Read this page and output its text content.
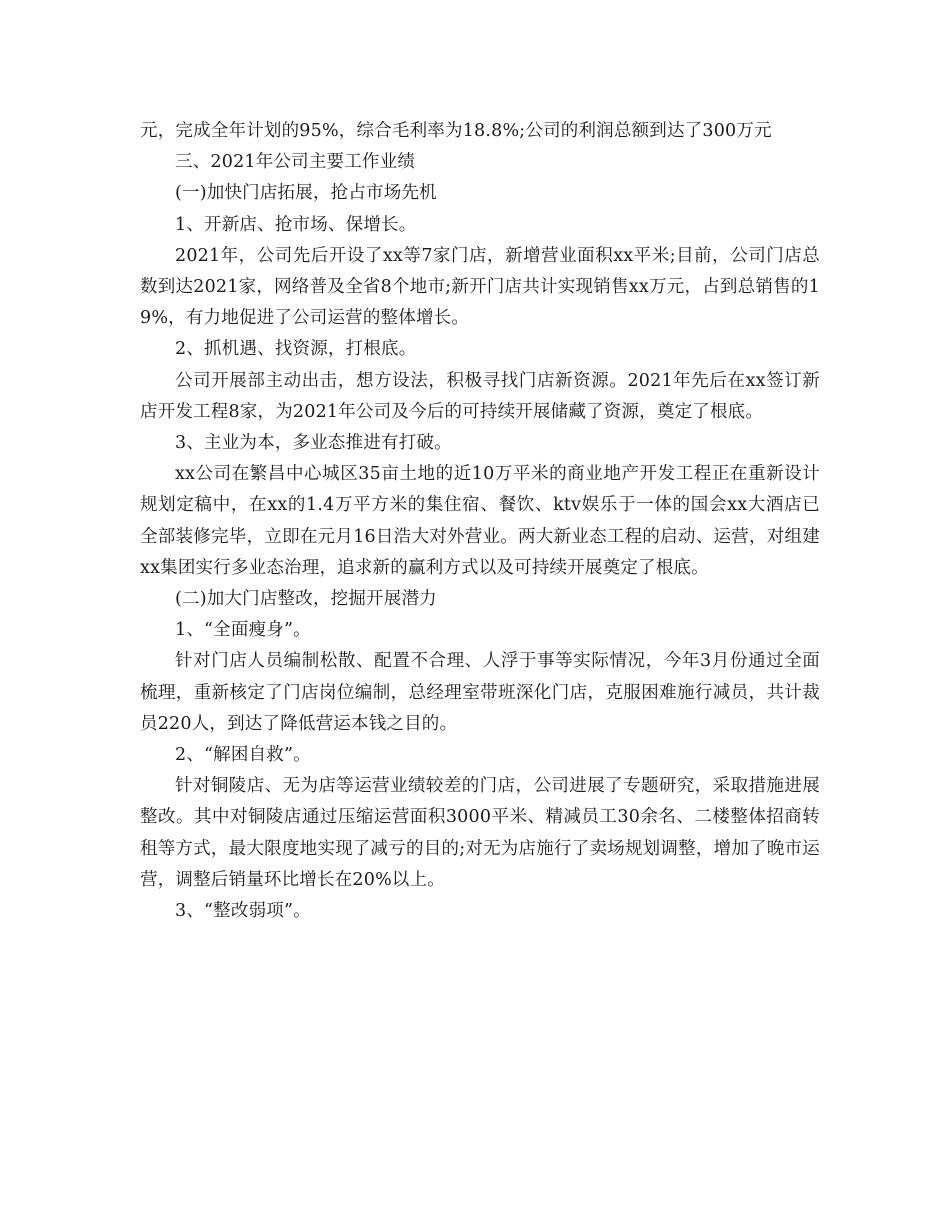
元，完成全年计划的95%，综合毛利率为18.8%;公司的利润总额到达了300万元

三、2021年公司主要工作业绩

(一)加快门店拓展，抢占市场先机

1、开新店、抢市场、保增长。

2021年，公司先后开设了xx等7家门店，新增营业面积xx平米;目前，公司门店总数到达2021家，网络普及全省8个地市;新开门店共计实现销售xx万元，占到总销售的19%，有力地促进了公司运营的整体增长。

2、抓机遇、找资源，打根底。

公司开展部主动出击，想方设法，积极寻找门店新资源。2021年先后在xx签订新店开发工程8家，为2021年公司及今后的可持续开展储藏了资源，奠定了根底。

3、主业为本，多业态推进有打破。

xx公司在繁昌中心城区35亩土地的近10万平米的商业地产开发工程正在重新设计规划定稿中，在xx的1.4万平方米的集住宿、餐饮、ktv娱乐于一体的国会xx大酒店已全部装修完毕，立即在元月16日浩大对外营业。两大新业态工程的启动、运营，对组建xx集团实行多业态治理，追求新的赢利方式以及可持续开展奠定了根底。

(二)加大门店整改，挖掘开展潜力

1、“全面瘦身”。

针对门店人员编制松散、配置不合理、人浮于事等实际情况，今年3月份通过全面梳理，重新核定了门店岗位编制，总经理室带班深化门店，克服困难施行减员，共计裁员220人，到达了降低营运本钱之目的。

2、“解困自救”。

针对铜陵店、无为店等运营业绩较差的门店，公司进展了专题研究，采取措施进展整改。其中对铜陵店通过压缩运营面积3000平米、精减员工30余名、二楼整体招商转租等方式，最大限度地实现了减亏的目的;对无为店施行了卖场规划调整，增加了晚市运营，调整后销量环比增长在20%以上。

3、“整改弱项”。
